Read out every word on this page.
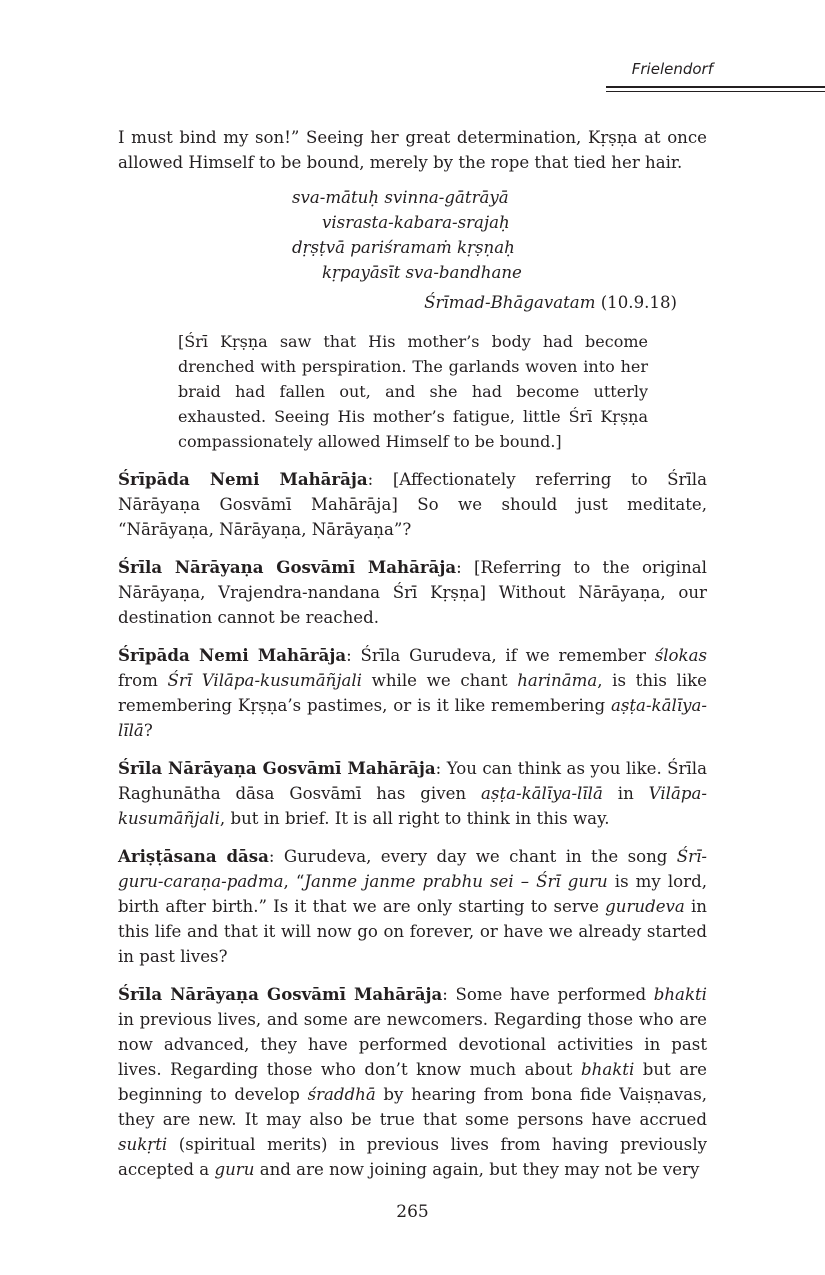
Frielendorf

I must bind my son!” Seeing her great determination, Kṛṣṇa at once allowed Himself to be bound, merely by the rope that tied her hair.

sva-mātuḥ svinna-gātrāyā
visrasta-kabara-srajaḥ
dṛṣṭvā pariśramaṁ kṛṣṇaḥ
kṛpayāsīt sva-bandhane
Śrīmad-Bhāgavatam (10.9.18)

[Śrī Kṛṣṇa saw that His mother’s body had become drenched with perspiration. The garlands woven into her braid had fallen out, and she had become utterly exhausted. Seeing His mother’s fatigue, little Śrī Kṛṣṇa compassionately allowed Himself to be bound.]

Śrīpāda Nemi Mahārāja: [Affectionately referring to Śrīla Nārāyaṇa Gosvāmī Mahārāja] So we should just meditate, “Nārāyaṇa, Nārāyaṇa, Nārāyaṇa”?

Śrīla Nārāyaṇa Gosvāmī Mahārāja: [Referring to the original Nārāyaṇa, Vrajendra-nandana Śrī Kṛṣṇa] Without Nārāyaṇa, our destination cannot be reached.

Śrīpāda Nemi Mahārāja: Śrīla Gurudeva, if we remember ślokas from Śrī Vilāpa-kusumāñjali while we chant harināma, is this like remembering Kṛṣṇa’s pastimes, or is it like remembering aṣṭa-kālīya-līlā?

Śrīla Nārāyaṇa Gosvāmī Mahārāja: You can think as you like. Śrīla Raghunātha dāsa Gosvāmī has given aṣṭa-kālīya-līlā in Vilāpa-kusumāñjali, but in brief. It is all right to think in this way.

Ariṣṭāsana dāsa: Gurudeva, every day we chant in the song Śrī-guru-caraṇa-padma, “Janme janme prabhu sei – Śrī guru is my lord, birth after birth.” Is it that we are only starting to serve gurudeva in this life and that it will now go on forever, or have we already started in past lives?

Śrīla Nārāyaṇa Gosvāmī Mahārāja: Some have performed bhakti in previous lives, and some are newcomers. Regarding those who are now advanced, they have performed devotional activities in past lives. Regarding those who don’t know much about bhakti but are beginning to develop śraddhā by hearing from bona fide Vaiṣṇavas, they are new. It may also be true that some persons have accrued sukṛti (spiritual merits) in previous lives from having previously accepted a guru and are now joining again, but they may not be very

265
